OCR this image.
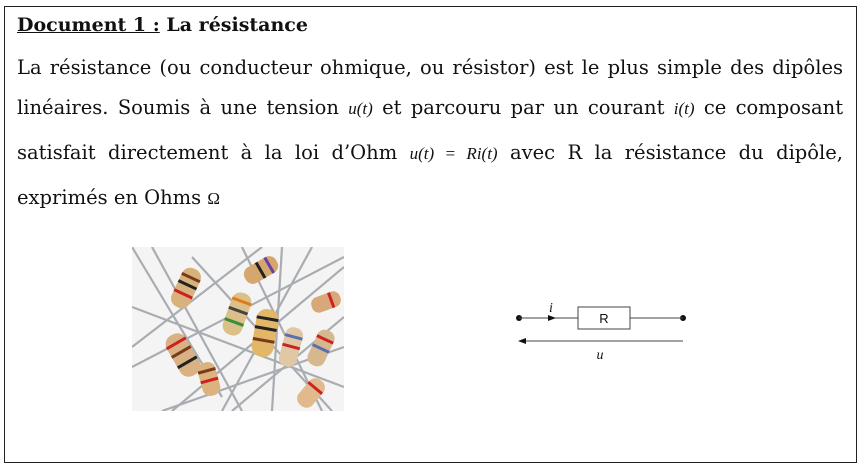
Document 1 : La résistance
La résistance (ou conducteur ohmique, ou résistor) est le plus simple des dipôles
linéaires. Soumis à une tension u(t) et parcouru par un courant i(t) ce composant
satisfait directement à la loi d’Ohm u(t) = Ri(t) avec R la résistance du dipôle,
exprimés en Ohms Ω
R
i
u
